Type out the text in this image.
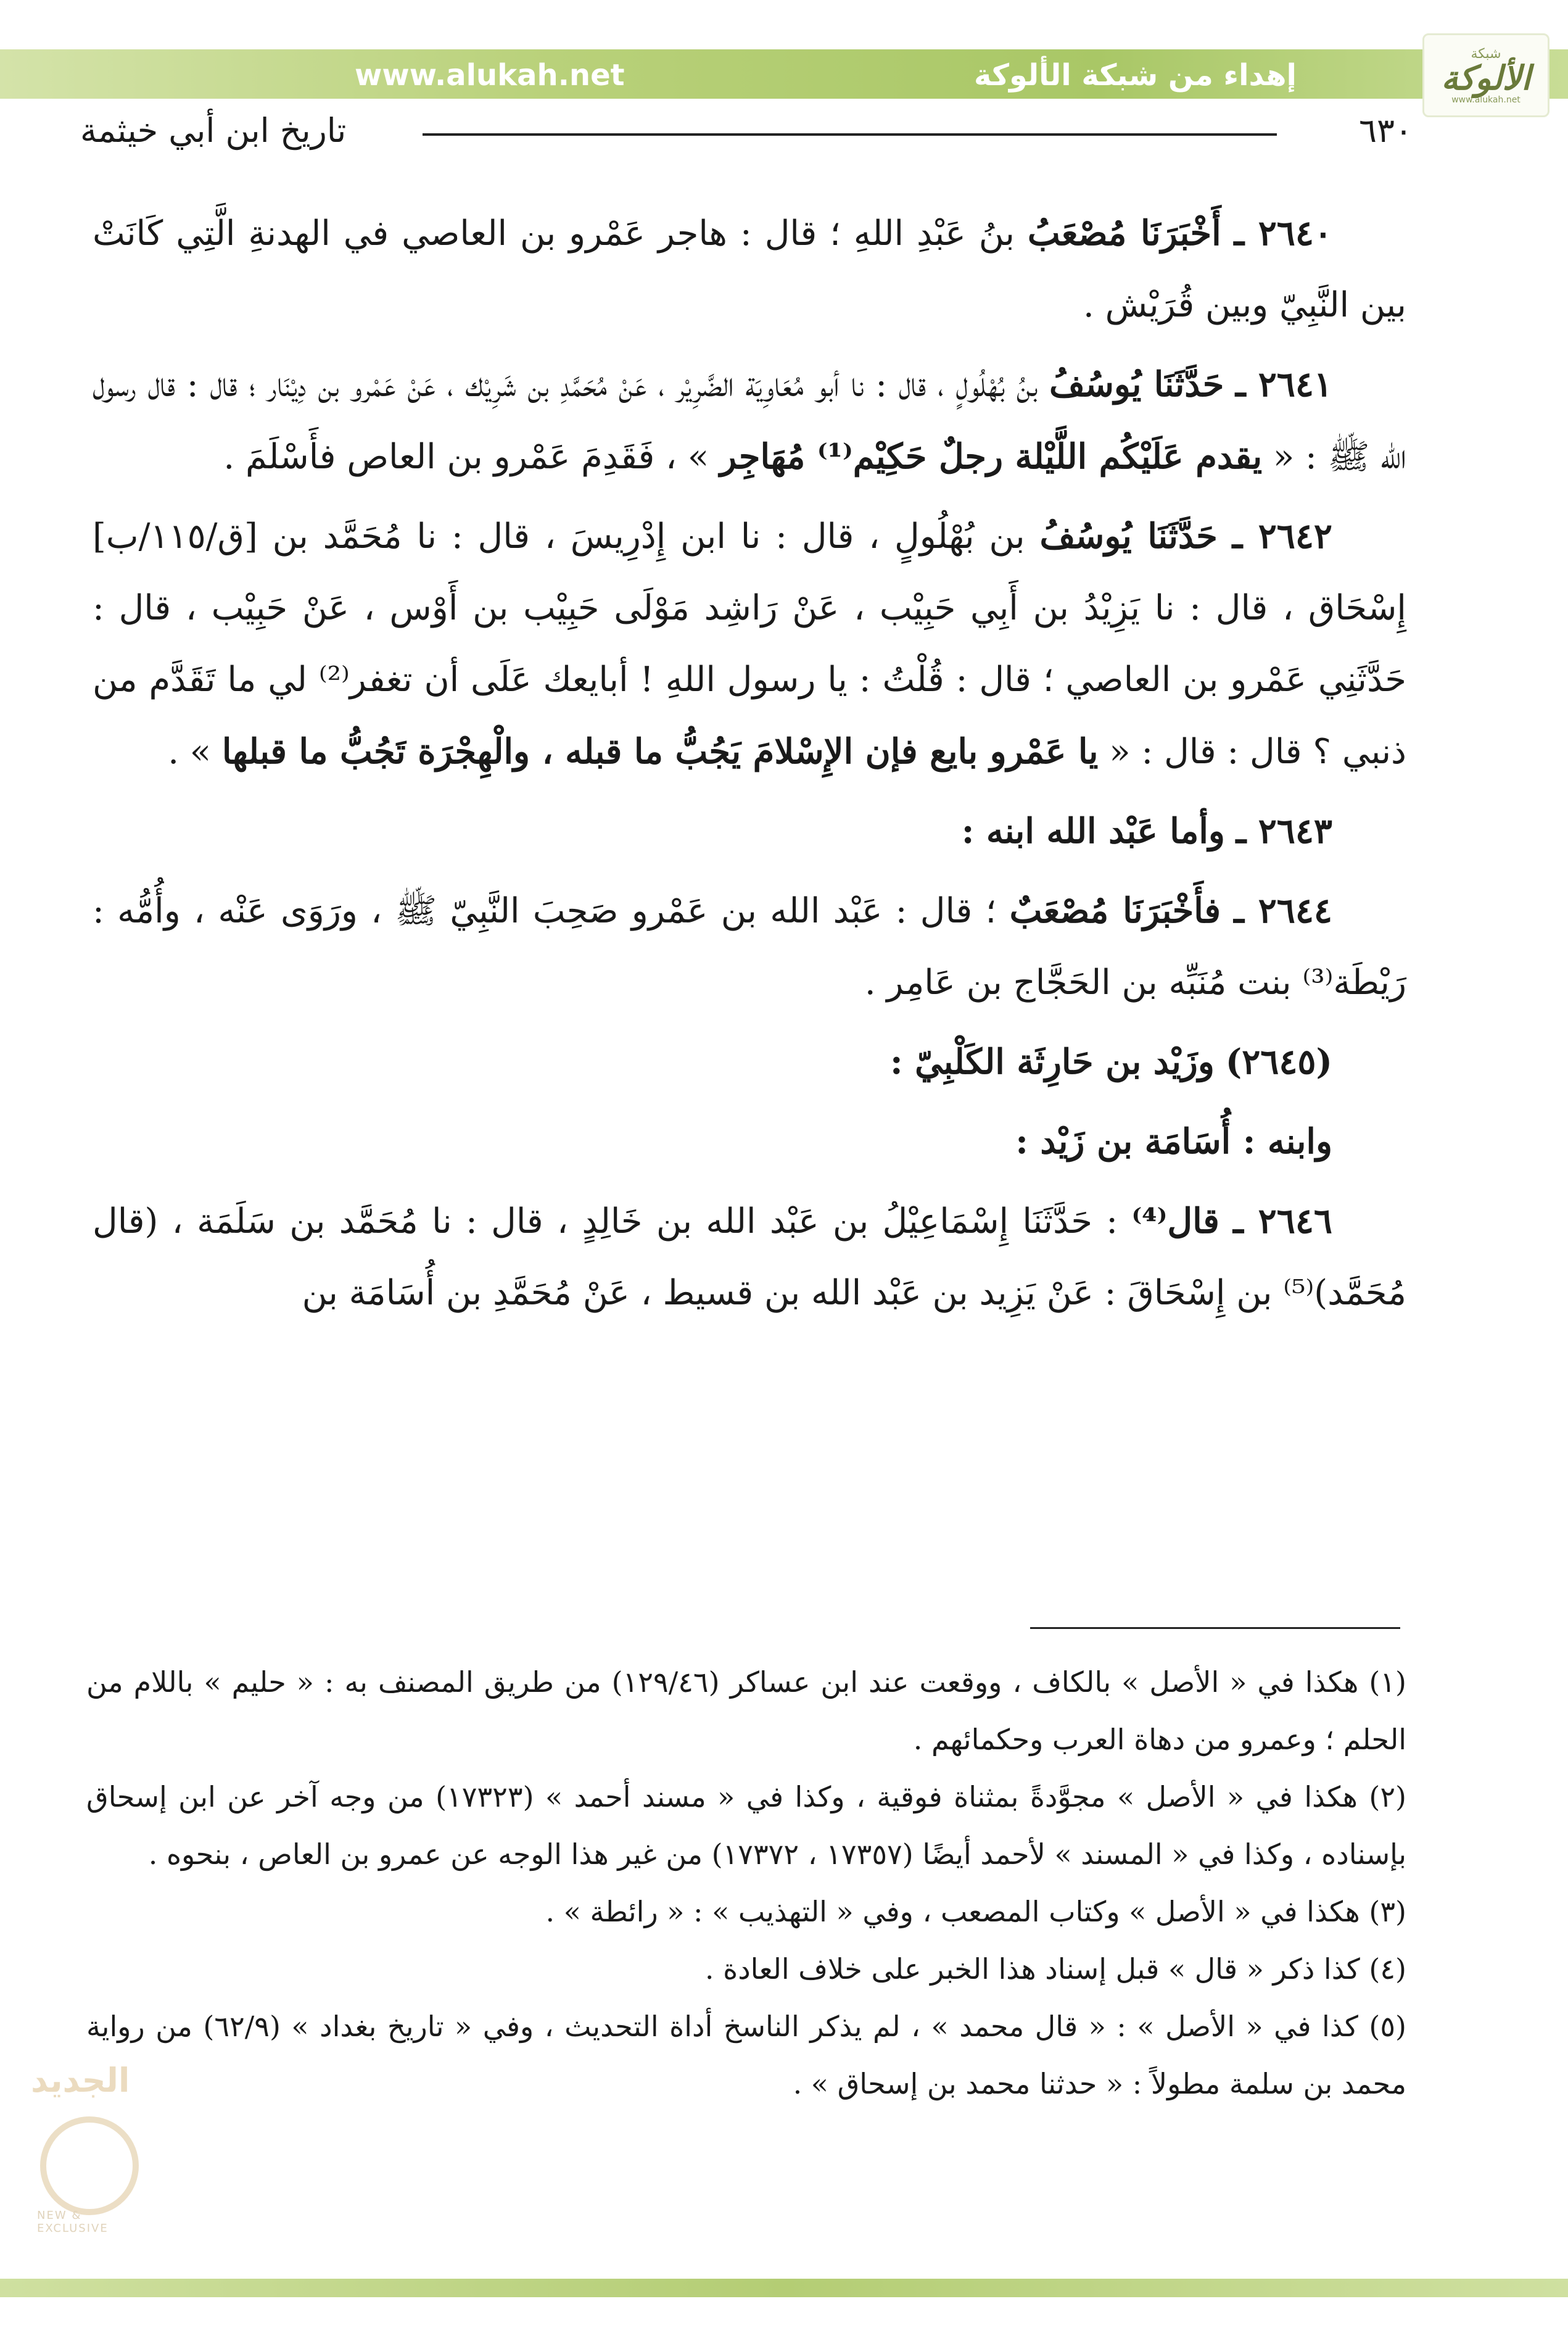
شبكة
الألوكة
www.alukah.net
إهداء من شبكة الألوكة
www.alukah.net
٦٣٠
تاريخ ابن أبي خيثمة

٢٦٤٠ ـ أَخْبَرَنَا مُصْعَبُ بنُ عَبْدِ اللهِ ؛ قال : هاجر عَمْرو بن العاصي في الهدنةِ الَّتِي كَانَتْ بين النَّبِيّ وبين قُرَيْش .

٢٦٤١ ـ حَدَّثَنَا يُوسُفُ بنُ بُهْلُولٍ ، قال : نا أبو مُعَاوِيَة الضَّرِيْر ، عَنْ مُحَمَّدِ بن شَرِيْك ، عَنْ عَمْرو بن دِيْنَار ؛ قال : قال رسول الله ﷺ : « يقدم عَلَيْكُم اللَّيْلة رجلٌ حَكِيْم⁽¹⁾ مُهَاجِر » ، فَقَدِمَ عَمْرو بن العاص فأَسْلَمَ .

٢٦٤٢ ـ حَدَّثَنَا يُوسُفُ بن بُهْلُولٍ ، قال : نا ابن إِدْرِيسَ ، قال : نا مُحَمَّد بن [ق/١١٥/ب] إِسْحَاق ، قال : نا يَزِيْدُ بن أَبِي حَبِيْب ، عَنْ رَاشِد مَوْلَى حَبِيْب بن أَوْس ، عَنْ حَبِيْب ، قال : حَدَّثَنِي عَمْرو بن العاصي ؛ قال : قُلْتُ : يا رسول اللهِ ! أبايعك عَلَى أن تغفر⁽²⁾ لي ما تَقَدَّم من ذنبي ؟ قال : قال : « يا عَمْرو بايع فإن الإِسْلامَ يَجُبُّ ما قبله ، والْهِجْرَة تَجُبُّ ما قبلها » .

٢٦٤٣ ـ وأما عَبْد الله ابنه :

٢٦٤٤ ـ فأَخْبَرَنَا مُصْعَبٌ ؛ قال : عَبْد الله بن عَمْرو صَحِبَ النَّبِيّ ﷺ ، ورَوَى عَنْه ، وأُمُّه : رَيْطَة⁽³⁾ بنت مُنَبِّه بن الحَجَّاج بن عَامِر .

(٢٦٤٥) وزَيْد بن حَارِثَة الكَلْبِيّ :

وابنه : أُسَامَة بن زَيْد :

٢٦٤٦ ـ قال⁽⁴⁾ : حَدَّثَنَا إِسْمَاعِيْلُ بن عَبْد الله بن خَالِدٍ ، قال : نا مُحَمَّد بن سَلَمَة ، (قال مُحَمَّد)⁽⁵⁾ بن إِسْحَاقَ : عَنْ يَزِيد بن عَبْد الله بن قسيط ، عَنْ مُحَمَّدِ بن أُسَامَة بن

(١) هكذا في « الأصل » بالكاف ، ووقعت عند ابن عساكر (١٢٩/٤٦) من طريق المصنف به : « حليم » باللام من الحلم ؛ وعمرو من دهاة العرب وحكمائهم .

(٢) هكذا في « الأصل » مجوَّدةً بمثناة فوقية ، وكذا في « مسند أحمد » (١٧٣٢٣) من وجه آخر عن ابن إسحاق بإسناده ، وكذا في « المسند » لأحمد أيضًا (١٧٣٥٧ ، ١٧٣٧٢) من غير هذا الوجه عن عمرو بن العاص ، بنحوه .

(٣) هكذا في « الأصل » وكتاب المصعب ، وفي « التهذيب » : « رائطة » .

(٤) كذا ذكر « قال » قبل إسناد هذا الخبر على خلاف العادة .

(٥) كذا في « الأصل » : « قال محمد » ، لم يذكر الناسخ أداة التحديث ، وفي « تاريخ بغداد » (٦٢/٩) من رواية محمد بن سلمة مطولاً : « حدثنا محمد بن إسحاق » .

الجديد
NEW & EXCLUSIVE
